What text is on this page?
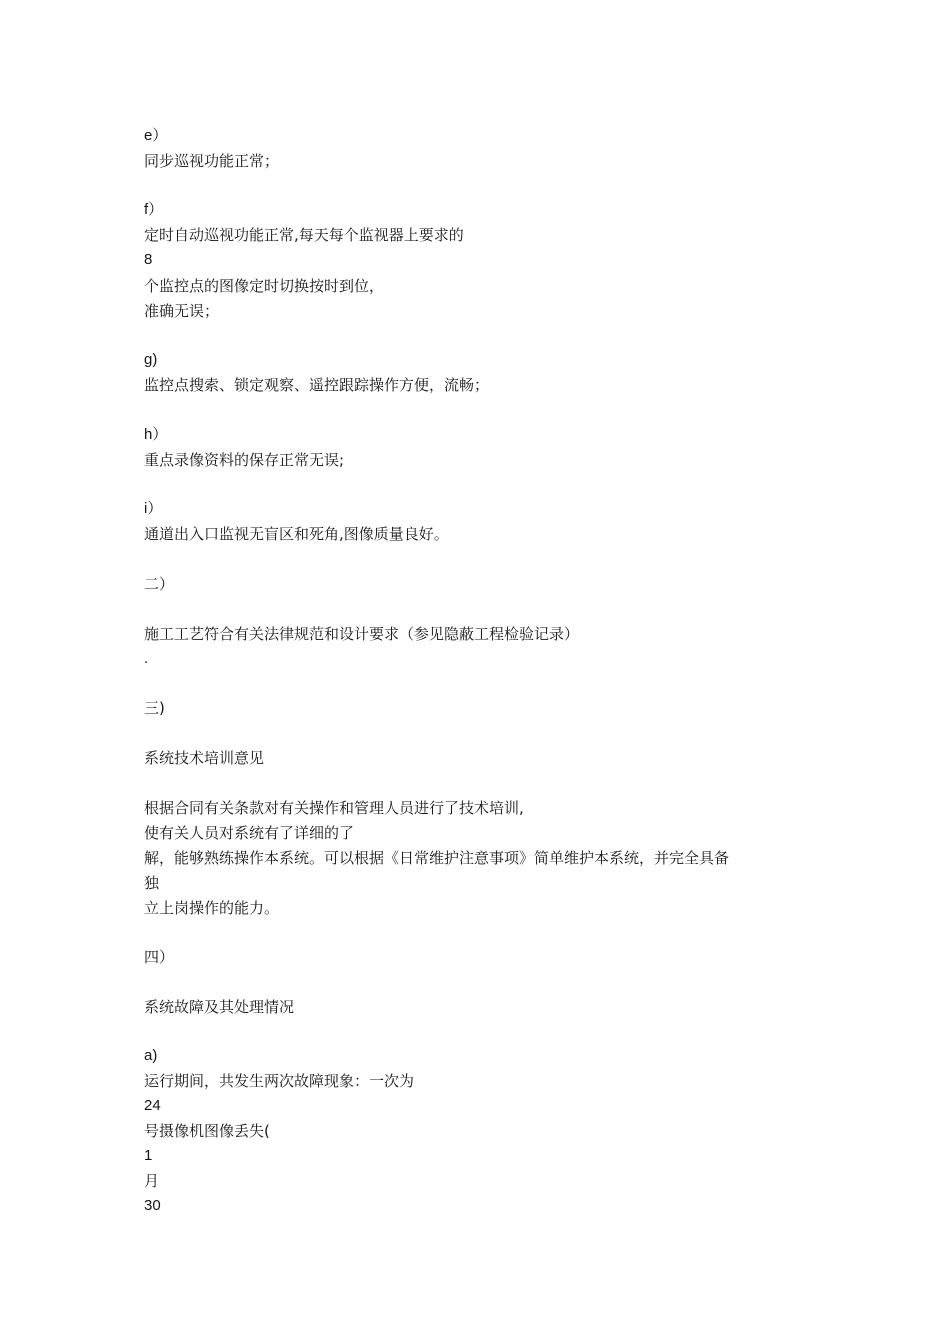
e）
同步巡视功能正常；
f）
定时自动巡视功能正常,每天每个监视器上要求的
8
个监控点的图像定时切换按时到位，
准确无误；
g)
监控点搜索、锁定观察、遥控跟踪操作方便，流畅；
h）
重点录像资料的保存正常无误;
i）
通道出入口监视无盲区和死角,图像质量良好。
二）
施工工艺符合有关法律规范和设计要求（参见隐蔽工程检验记录）
.
三)
系统技术培训意见
根据合同有关条款对有关操作和管理人员进行了技术培训,
使有关人员对系统有了详细的了
解，能够熟练操作本系统。可以根据《日常维护注意事项》简单维护本系统，并完全具备
独
立上岗操作的能力。
四）
系统故障及其处理情况
a)
运行期间，共发生两次故障现象：一次为
24
号摄像机图像丢失(
1
月
30
